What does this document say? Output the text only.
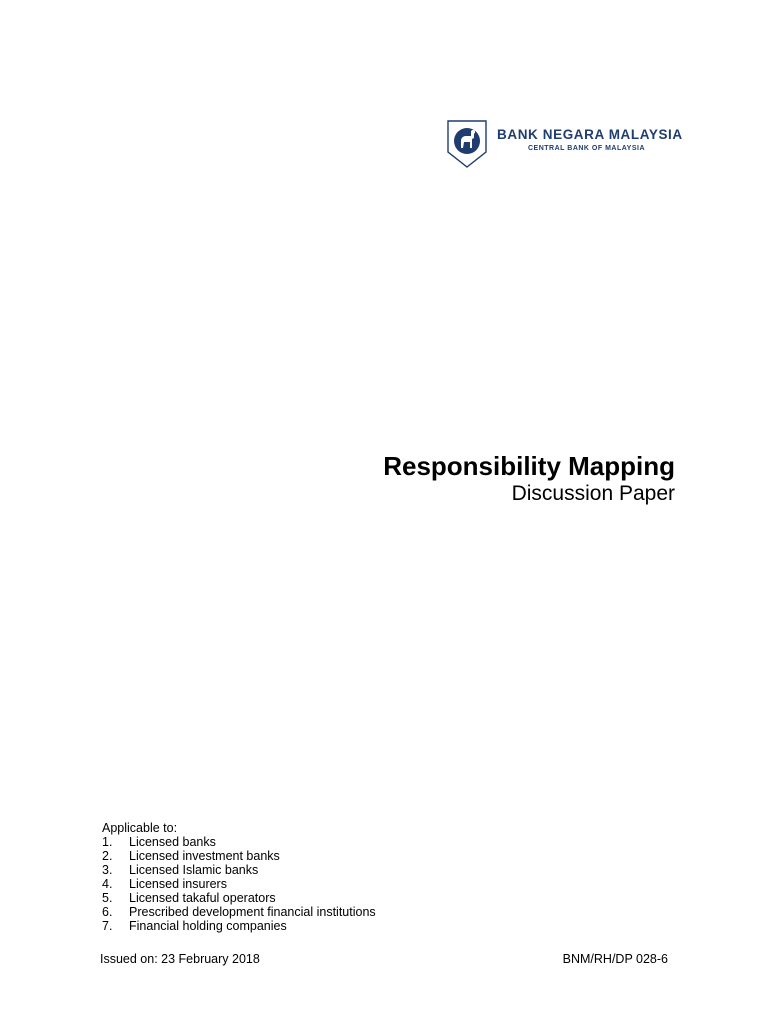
BANK NEGARA MALAYSIA
CENTRAL BANK OF MALAYSIA
Responsibility Mapping
Discussion Paper
Applicable to:
1. Licensed banks
2. Licensed investment banks
3. Licensed Islamic banks
4. Licensed insurers
5. Licensed takaful operators
6. Prescribed development financial institutions
7. Financial holding companies
Issued on: 23 February 2018	BNM/RH/DP 028-6
